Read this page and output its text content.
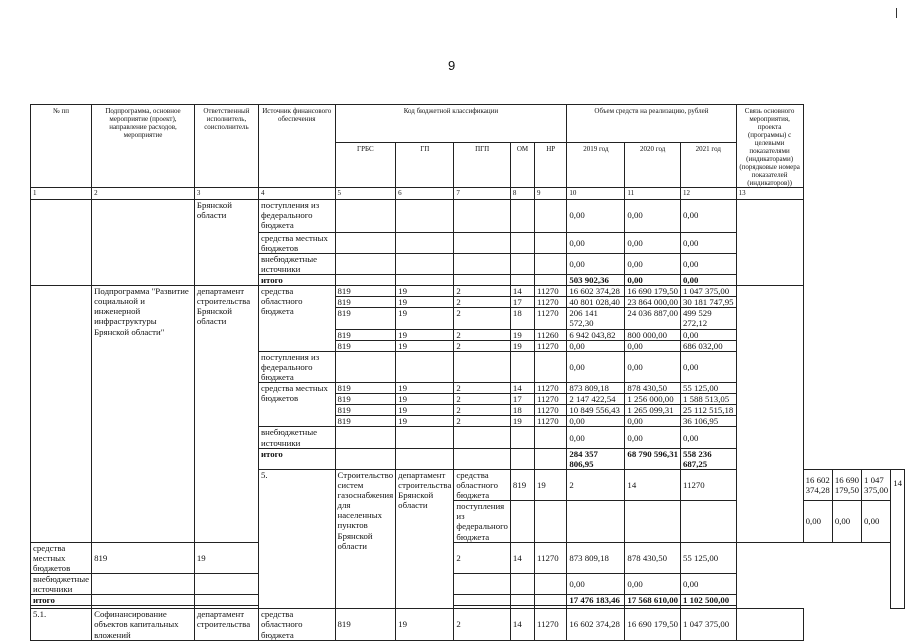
9
№ пп	Подпрограмма, основное мероприятие (проект), направление расходов, мероприятие	Ответственный исполнитель, соисполнитель	Источник финансового обеспечения	Код бюджетной классификации					Объем средств на реализацию, рублей			Связь основного мероприятия, проекта (программы) с целевыми показателями (индикаторами) (порядковые номера показателей (индикаторов))				
				ГРБС	ГП	ПГП	ОМ	НР	2019 год	2020 год	2021 год					
1	2	3	4	5	6	7	8	9	10	11	12	13				
		Брянской области	поступления из федерального бюджета						0,00	0,00	0,00					
			средства местных бюджетов						0,00	0,00	0,00					
			внебюджетные источники						0,00	0,00	0,00					
			итого						503 902,36	0,00	0,00					
	Подпрограмма "Развитие социальной и инженерной инфраструктуры Брянской области"	департамент строительства Брянской области	средства областного бюджета	819	19	2	14	11270	16 602 374,28	16 690 179,50	1 047 375,00					
				819	19	2	17	11270	40 801 028,40	23 864 000,00	30 181 747,95					
				819	19	2	18	11270	206 141 572,30	24 036 887,00	499 529 272,12					
				819	19	2	19	11260	6 942 043,82	800 000,00	0,00					
				819	19	2	19	11270	0,00	0,00	686 032,00					
			поступления из федерального бюджета						0,00	0,00	0,00					
			средства местных бюджетов	819	19	2	14	11270	873 809,18	878 430,50	55 125,00					
				819	19	2	17	11270	2 147 422,54	1 256 000,00	1 588 513,05					
				819	19	2	18	11270	10 849 556,43	1 265 099,31	25 112 515,18					
				819	19	2	19	11270	0,00	0,00	36 106,95					
			внебюджетные источники						0,00	0,00	0,00					
			итого						284 357 806,95	68 790 596,31	558 236 687,25					
			5.	Строительство систем газоснабжения для населенных пунктов Брянской области	департамент строительства Брянской области	средства областного бюджета	819	19	2	14	11270		16 602 374,28	16 690 179,50	1 047 375,00	14
						поступления из федерального бюджета							0,00	0,00	0,00	
средства местных бюджетов	819	19				2	14	11270	873 809,18	878 430,50	55 125,00					
внебюджетные источники									0,00	0,00	0,00					
итого									17 476 183,46	17 568 610,00	1 102 500,00					

5.1.	Софинансирование объектов капитальных вложений	департамент строительства	средства областного бюджета	819	19	2	14	11270	16 602 374,28	16 690 179,50	1 047 375,00					
